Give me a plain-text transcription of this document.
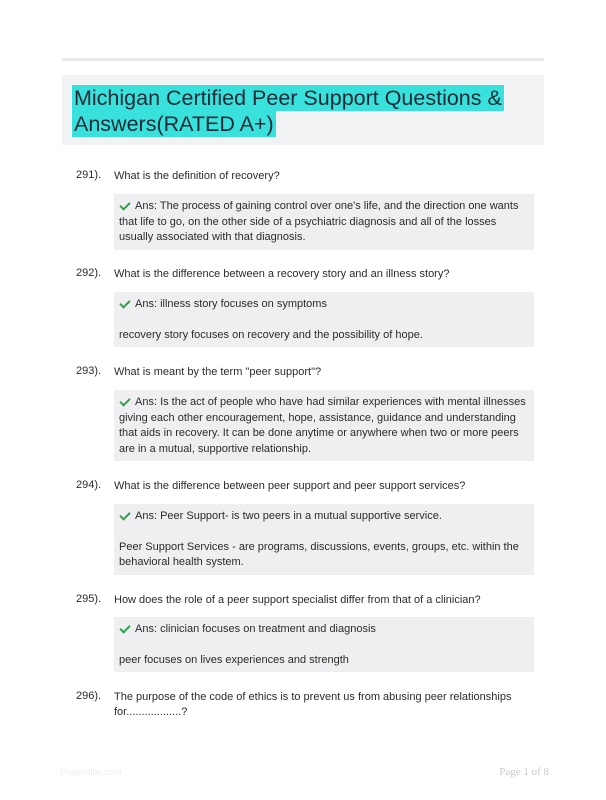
Michigan Certified Peer Support Questions &
Answers(RATED A+)
291). What is the definition of recovery?

Ans: The process of gaining control over one's life, and the direction one wants that life to go, on the other side of a psychiatric diagnosis and all of the losses usually associated with that diagnosis.

292). What is the difference between a recovery story and an illness story?

Ans: illness story focuses on symptoms

recovery story focuses on recovery and the possibility of hope.

293). What is meant by the term "peer support"?

Ans: Is the act of people who have had similar experiences with mental illnesses giving each other encouragement, hope, assistance, guidance and understanding that aids in recovery. It can be done anytime or anywhere when two or more peers are in a mutual, supportive relationship.

294). What is the difference between peer support and peer support services?

Ans: Peer Support- is two peers in a mutual supportive service.

Peer Support Services - are programs, discussions, events, groups, etc. within the behavioral health system.

295). How does the role of a peer support specialist differ from that of a clinician?

Ans: clinician focuses on treatment and diagnosis

peer focuses on lives experiences and strength

296). The purpose of the code of ethics is to prevent us from abusing peer relationships for..................?
PaperNibs.com	Page 1 of 8
